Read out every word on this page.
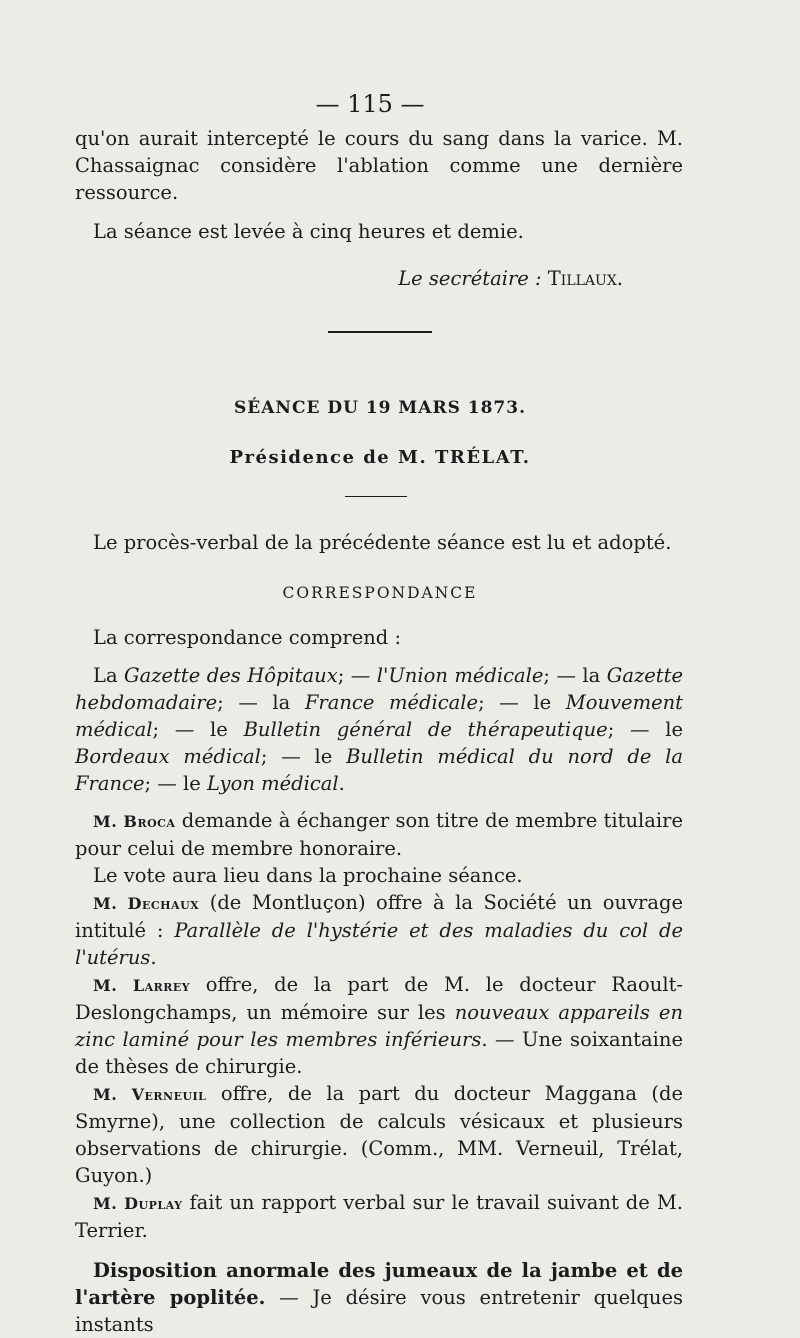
— 115 —

qu'on aurait intercepté le cours du sang dans la varice. M. Chassaignac considère l'ablation comme une dernière ressource.

La séance est levée à cinq heures et demie.

Le secrétaire : Tillaux.

SÉANCE DU 19 MARS 1873.
Présidence de M. TRÉLAT.

Le procès-verbal de la précédente séance est lu et adopté.

CORRESPONDANCE

La correspondance comprend :

La Gazette des Hôpitaux; — l'Union médicale; — la Gazette hebdomadaire; — la France médicale; — le Mouvement médical; — le Bulletin général de thérapeutique; — le Bordeaux médical; — le Bulletin médical du nord de la France; — le Lyon médical.

M. Broca demande à échanger son titre de membre titulaire pour celui de membre honoraire.

Le vote aura lieu dans la prochaine séance.

M. Dechaux (de Montluçon) offre à la Société un ouvrage intitulé : Parallèle de l'hystérie et des maladies du col de l'utérus.

M. Larrey offre, de la part de M. le docteur Raoult-Deslongchamps, un mémoire sur les nouveaux appareils en zinc laminé pour les membres inférieurs. — Une soixantaine de thèses de chirurgie.

M. Verneuil offre, de la part du docteur Maggana (de Smyrne), une collection de calculs vésicaux et plusieurs observations de chirurgie. (Comm., MM. Verneuil, Trélat, Guyon.)

M. Duplay fait un rapport verbal sur le travail suivant de M. Terrier.

Disposition anormale des jumeaux de la jambe et de l'artère poplitée. — Je désire vous entretenir quelques instants
